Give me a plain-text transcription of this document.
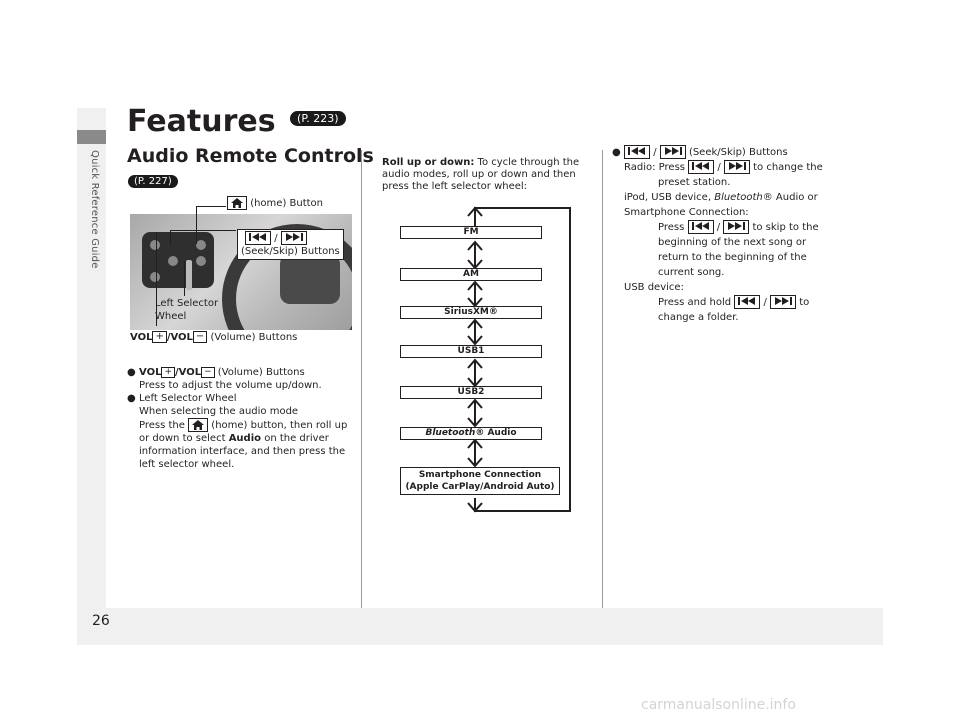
Quick Reference Guide
26
carmanualsonline.info
Features (P. 223)
Audio Remote Controls
(P. 227)
(home) Button
/
(Seek/Skip) Buttons
Left Selector
Wheel
VOL + /VOL − (Volume) Buttons
● VOL + /VOL − (Volume) Buttons
Press to adjust the volume up/down.
● Left Selector Wheel
When selecting the audio mode
Press the	(home) button, then roll up
or down to select Audio on the driver
information interface, and then press the
left selector wheel.
Roll up or down: To cycle through the audio modes, roll up or down and then press the left selector wheel:
FM
AM
SiriusXM®
USB1
USB2
Bluetooth® Audio
Smartphone Connection
(Apple CarPlay/Android Auto)
● /	(Seek/Skip) Buttons
Radio: Press	/	to change the
preset station.
iPod, USB device, Bluetooth® Audio or
Smartphone Connection:
Press	/	to skip to the
beginning of the next song or
return to the beginning of the
current song.
USB device:
Press and hold	/	to
change a folder.
